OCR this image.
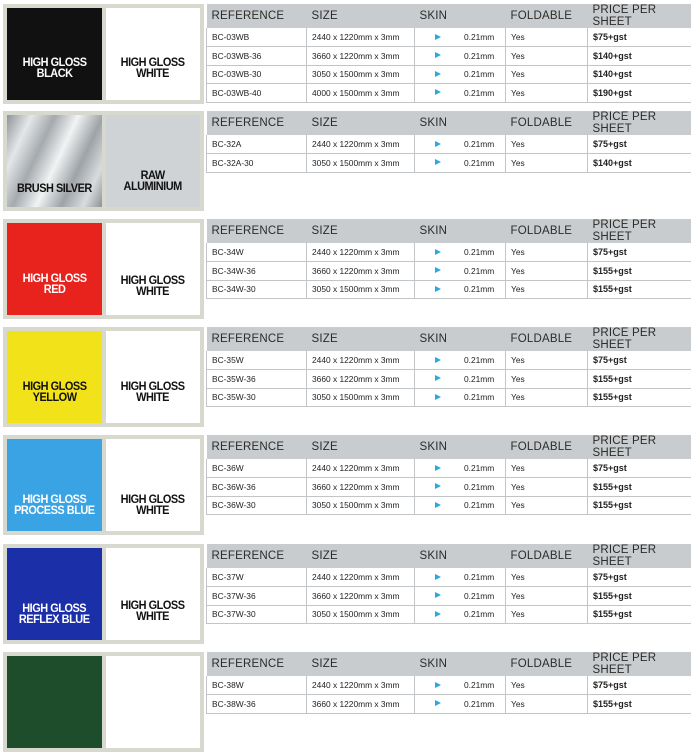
HIGH GLOSS
BLACK
HIGH GLOSS
WHITE
REFERENCE	SIZE	SKIN	FOLDABLE	PRICE PER SHEET
BC-03WB	2440 x 1220mm x 3mm	0.21mm	Yes	$75+gst
BC-03WB-36	3660 x 1220mm x 3mm	0.21mm	Yes	$140+gst
BC-03WB-30	3050 x 1500mm x 3mm	0.21mm	Yes	$140+gst
BC-03WB-40	4000 x 1500mm x 3mm	0.21mm	Yes	$190+gst
BRUSH SILVER
RAW
ALUMINIUM
REFERENCE	SIZE	SKIN	FOLDABLE	PRICE PER SHEET
BC-32A	2440 x 1220mm x 3mm	0.21mm	Yes	$75+gst
BC-32A-30	3050 x 1500mm x 3mm	0.21mm	Yes	$140+gst
HIGH GLOSS
RED
HIGH GLOSS
WHITE
REFERENCE	SIZE	SKIN	FOLDABLE	PRICE PER SHEET
BC-34W	2440 x 1220mm x 3mm	0.21mm	Yes	$75+gst
BC-34W-36	3660 x 1220mm x 3mm	0.21mm	Yes	$155+gst
BC-34W-30	3050 x 1500mm x 3mm	0.21mm	Yes	$155+gst
HIGH GLOSS
YELLOW
HIGH GLOSS
WHITE
REFERENCE	SIZE	SKIN	FOLDABLE	PRICE PER SHEET
BC-35W	2440 x 1220mm x 3mm	0.21mm	Yes	$75+gst
BC-35W-36	3660 x 1220mm x 3mm	0.21mm	Yes	$155+gst
BC-35W-30	3050 x 1500mm x 3mm	0.21mm	Yes	$155+gst
HIGH GLOSS
PROCESS BLUE
HIGH GLOSS
WHITE
REFERENCE	SIZE	SKIN	FOLDABLE	PRICE PER SHEET
BC-36W	2440 x 1220mm x 3mm	0.21mm	Yes	$75+gst
BC-36W-36	3660 x 1220mm x 3mm	0.21mm	Yes	$155+gst
BC-36W-30	3050 x 1500mm x 3mm	0.21mm	Yes	$155+gst
HIGH GLOSS
REFLEX BLUE
HIGH GLOSS
WHITE
REFERENCE	SIZE	SKIN	FOLDABLE	PRICE PER SHEET
BC-37W	2440 x 1220mm x 3mm	0.21mm	Yes	$75+gst
BC-37W-36	3660 x 1220mm x 3mm	0.21mm	Yes	$155+gst
BC-37W-30	3050 x 1500mm x 3mm	0.21mm	Yes	$155+gst
REFERENCE	SIZE	SKIN	FOLDABLE	PRICE PER SHEET
BC-38W	2440 x 1220mm x 3mm	0.21mm	Yes	$75+gst
BC-38W-36	3660 x 1220mm x 3mm	0.21mm	Yes	$155+gst
